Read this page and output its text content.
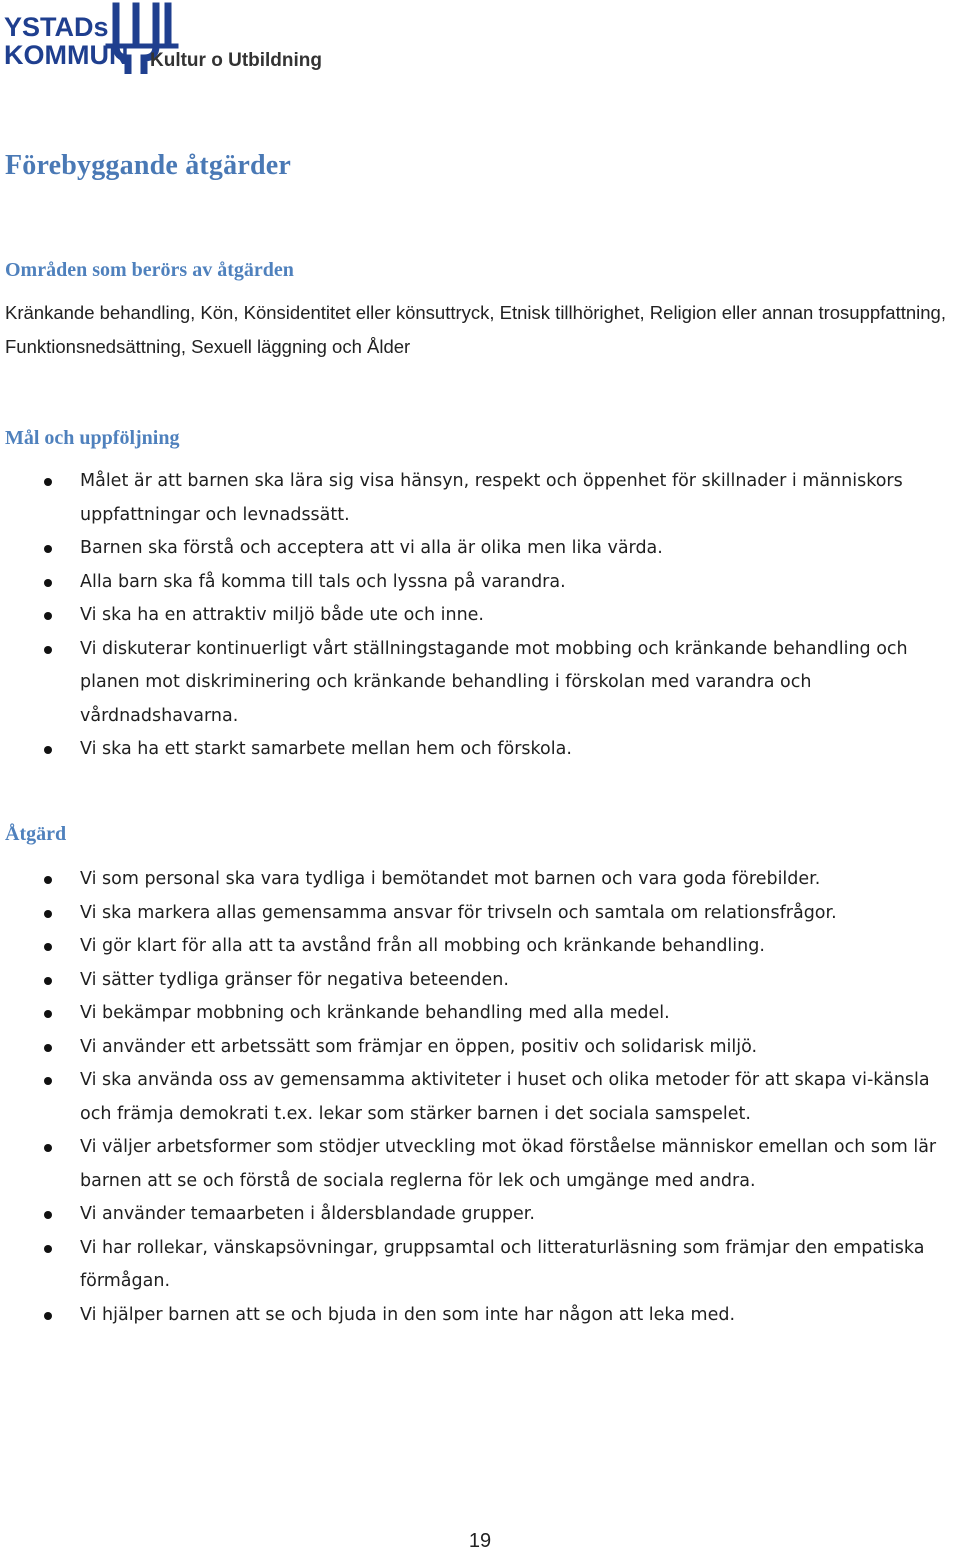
YSTADs
KOMMUN Kultur o Utbildning
Förebyggande åtgärder
Områden som berörs av åtgärden

Kränkande behandling, Kön, Könsidentitet eller könsuttryck, Etnisk tillhörighet, Religion eller annan trosuppfattning, Funktionsnedsättning, Sexuell läggning och Ålder

Mål och uppföljning
Målet är att barnen ska lära sig visa hänsyn, respekt och öppenhet för skillnader i människors uppfattningar och levnadssätt.
Barnen ska förstå och acceptera att vi alla är olika men lika värda.
Alla barn ska få komma till tals och lyssna på varandra.
Vi ska ha en attraktiv miljö både ute och inne.
Vi diskuterar kontinuerligt vårt ställningstagande mot mobbing och kränkande behandling och planen mot diskriminering och kränkande behandling i förskolan med varandra och vårdnadshavarna.
Vi ska ha ett starkt samarbete mellan hem och förskola.
Åtgärd
Vi som personal ska vara tydliga i bemötandet mot barnen och vara goda förebilder.
Vi ska markera allas gemensamma ansvar för trivseln och samtala om relationsfrågor.
Vi gör klart för alla att ta avstånd från all mobbing och kränkande behandling.
Vi sätter tydliga gränser för negativa beteenden.
Vi bekämpar mobbning och kränkande behandling med alla medel.
Vi använder ett arbetssätt som främjar en öppen, positiv och solidarisk miljö.
Vi ska använda oss av gemensamma aktiviteter i huset och olika metoder för att skapa vi-känsla och främja demokrati t.ex. lekar som stärker barnen i det sociala samspelet.
Vi väljer arbetsformer som stödjer utveckling mot ökad förståelse människor emellan och som lär barnen att se och förstå de sociala reglerna för lek och umgänge med andra.
Vi använder temaarbeten i åldersblandade grupper.
Vi har rollekar, vänskapsövningar, gruppsamtal och litteraturläsning som främjar den empatiska förmågan.
Vi hjälper barnen att se och bjuda in den som inte har någon att leka med.
19
